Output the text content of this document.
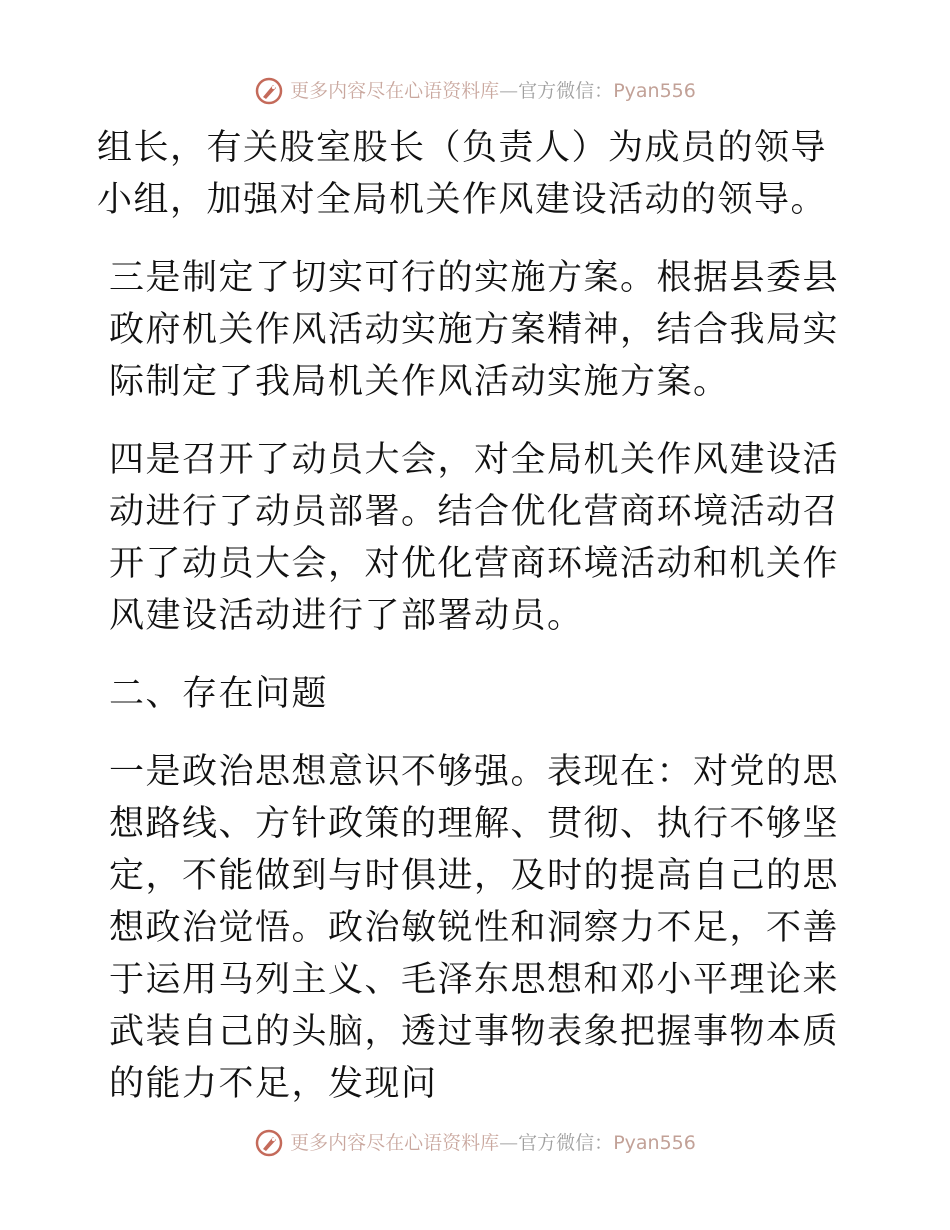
更多内容尽在心语资料库 — 官方微信： Pyan556

组长，有关股室股长（负责人）为成员的领导小组，加强对全局机关作风建设活动的领导。

三是制定了切实可行的实施方案。根据县委县政府机关作风活动实施方案精神，结合我局实际制定了我局机关作风活动实施方案。

四是召开了动员大会，对全局机关作风建设活动进行了动员部署。结合优化营商环境活动召开了动员大会，对优化营商环境活动和机关作风建设活动进行了部署动员。

二、存在问题

一是政治思想意识不够强。表现在：对党的思想路线、方针政策的理解、贯彻、执行不够坚定，不能做到与时俱进，及时的提高自己的思想政治觉悟。政治敏锐性和洞察力不足，不善于运用马列主义、毛泽东思想和邓小平理论来武装自己的头脑，透过事物表象把握事物本质的能力不足，发现问

更多内容尽在心语资料库 — 官方微信： Pyan556
